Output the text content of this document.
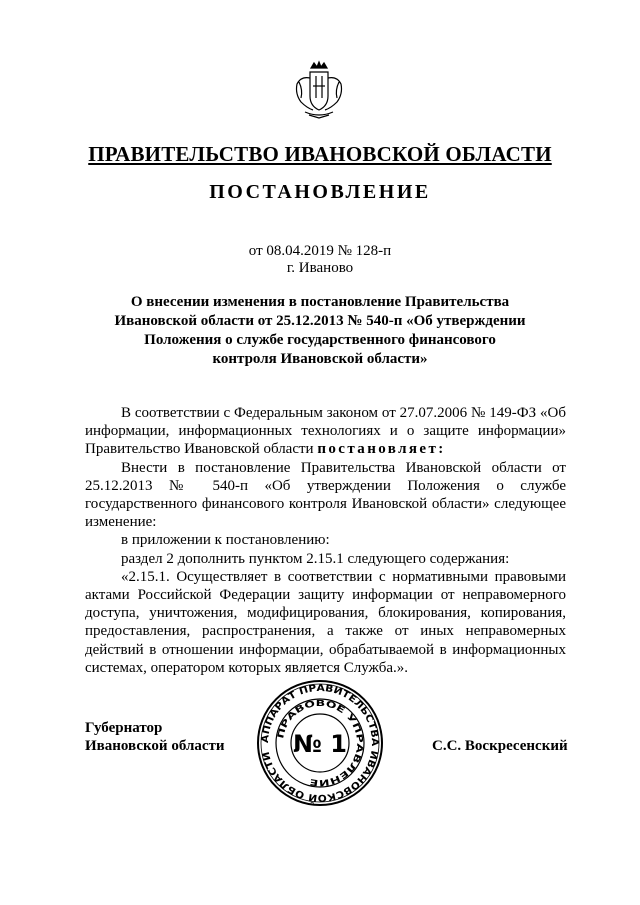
ПРАВИТЕЛЬСТВО ИВАНОВСКОЙ ОБЛАСТИ
ПОСТАНОВЛЕНИЕ
от 08.04.2019 № 128-п
г. Иваново
О внесении изменения в постановление Правительства
Ивановской области от 25.12.2013 № 540-п «Об утверждении
Положения о службе государственного финансового
контроля Ивановской области»

В соответствии с Федеральным законом от 27.07.2006 № 149-ФЗ «Об информации, информационных технологиях и о защите информации» Правительство Ивановской области постановляет:

Внести в постановление Правительства Ивановской области от 25.12.2013 № 540-п «Об утверждении Положения о службе государственного финансового контроля Ивановской области» следующее изменение:

в приложении к постановлению:

раздел 2 дополнить пунктом 2.15.1 следующего содержания:

«2.15.1. Осуществляет в соответствии с нормативными правовыми актами Российской Федерации защиту информации от неправомерного доступа, уничтожения, модифицирования, блокирования, копирования, предоставления, распространения, а также от иных неправомерных действий в отношении информации, обрабатываемой в информационных системах, оператором которых является Служба.».

Губернатор
Ивановской области	АППАРАТ ПРАВИТЕЛЬСТВА ИВАНОВСКОЙ ОБЛАСТИ
ПРАВОВОЕ УПРАВЛЕНИЕ
№ 1	С.С. Воскресенский
